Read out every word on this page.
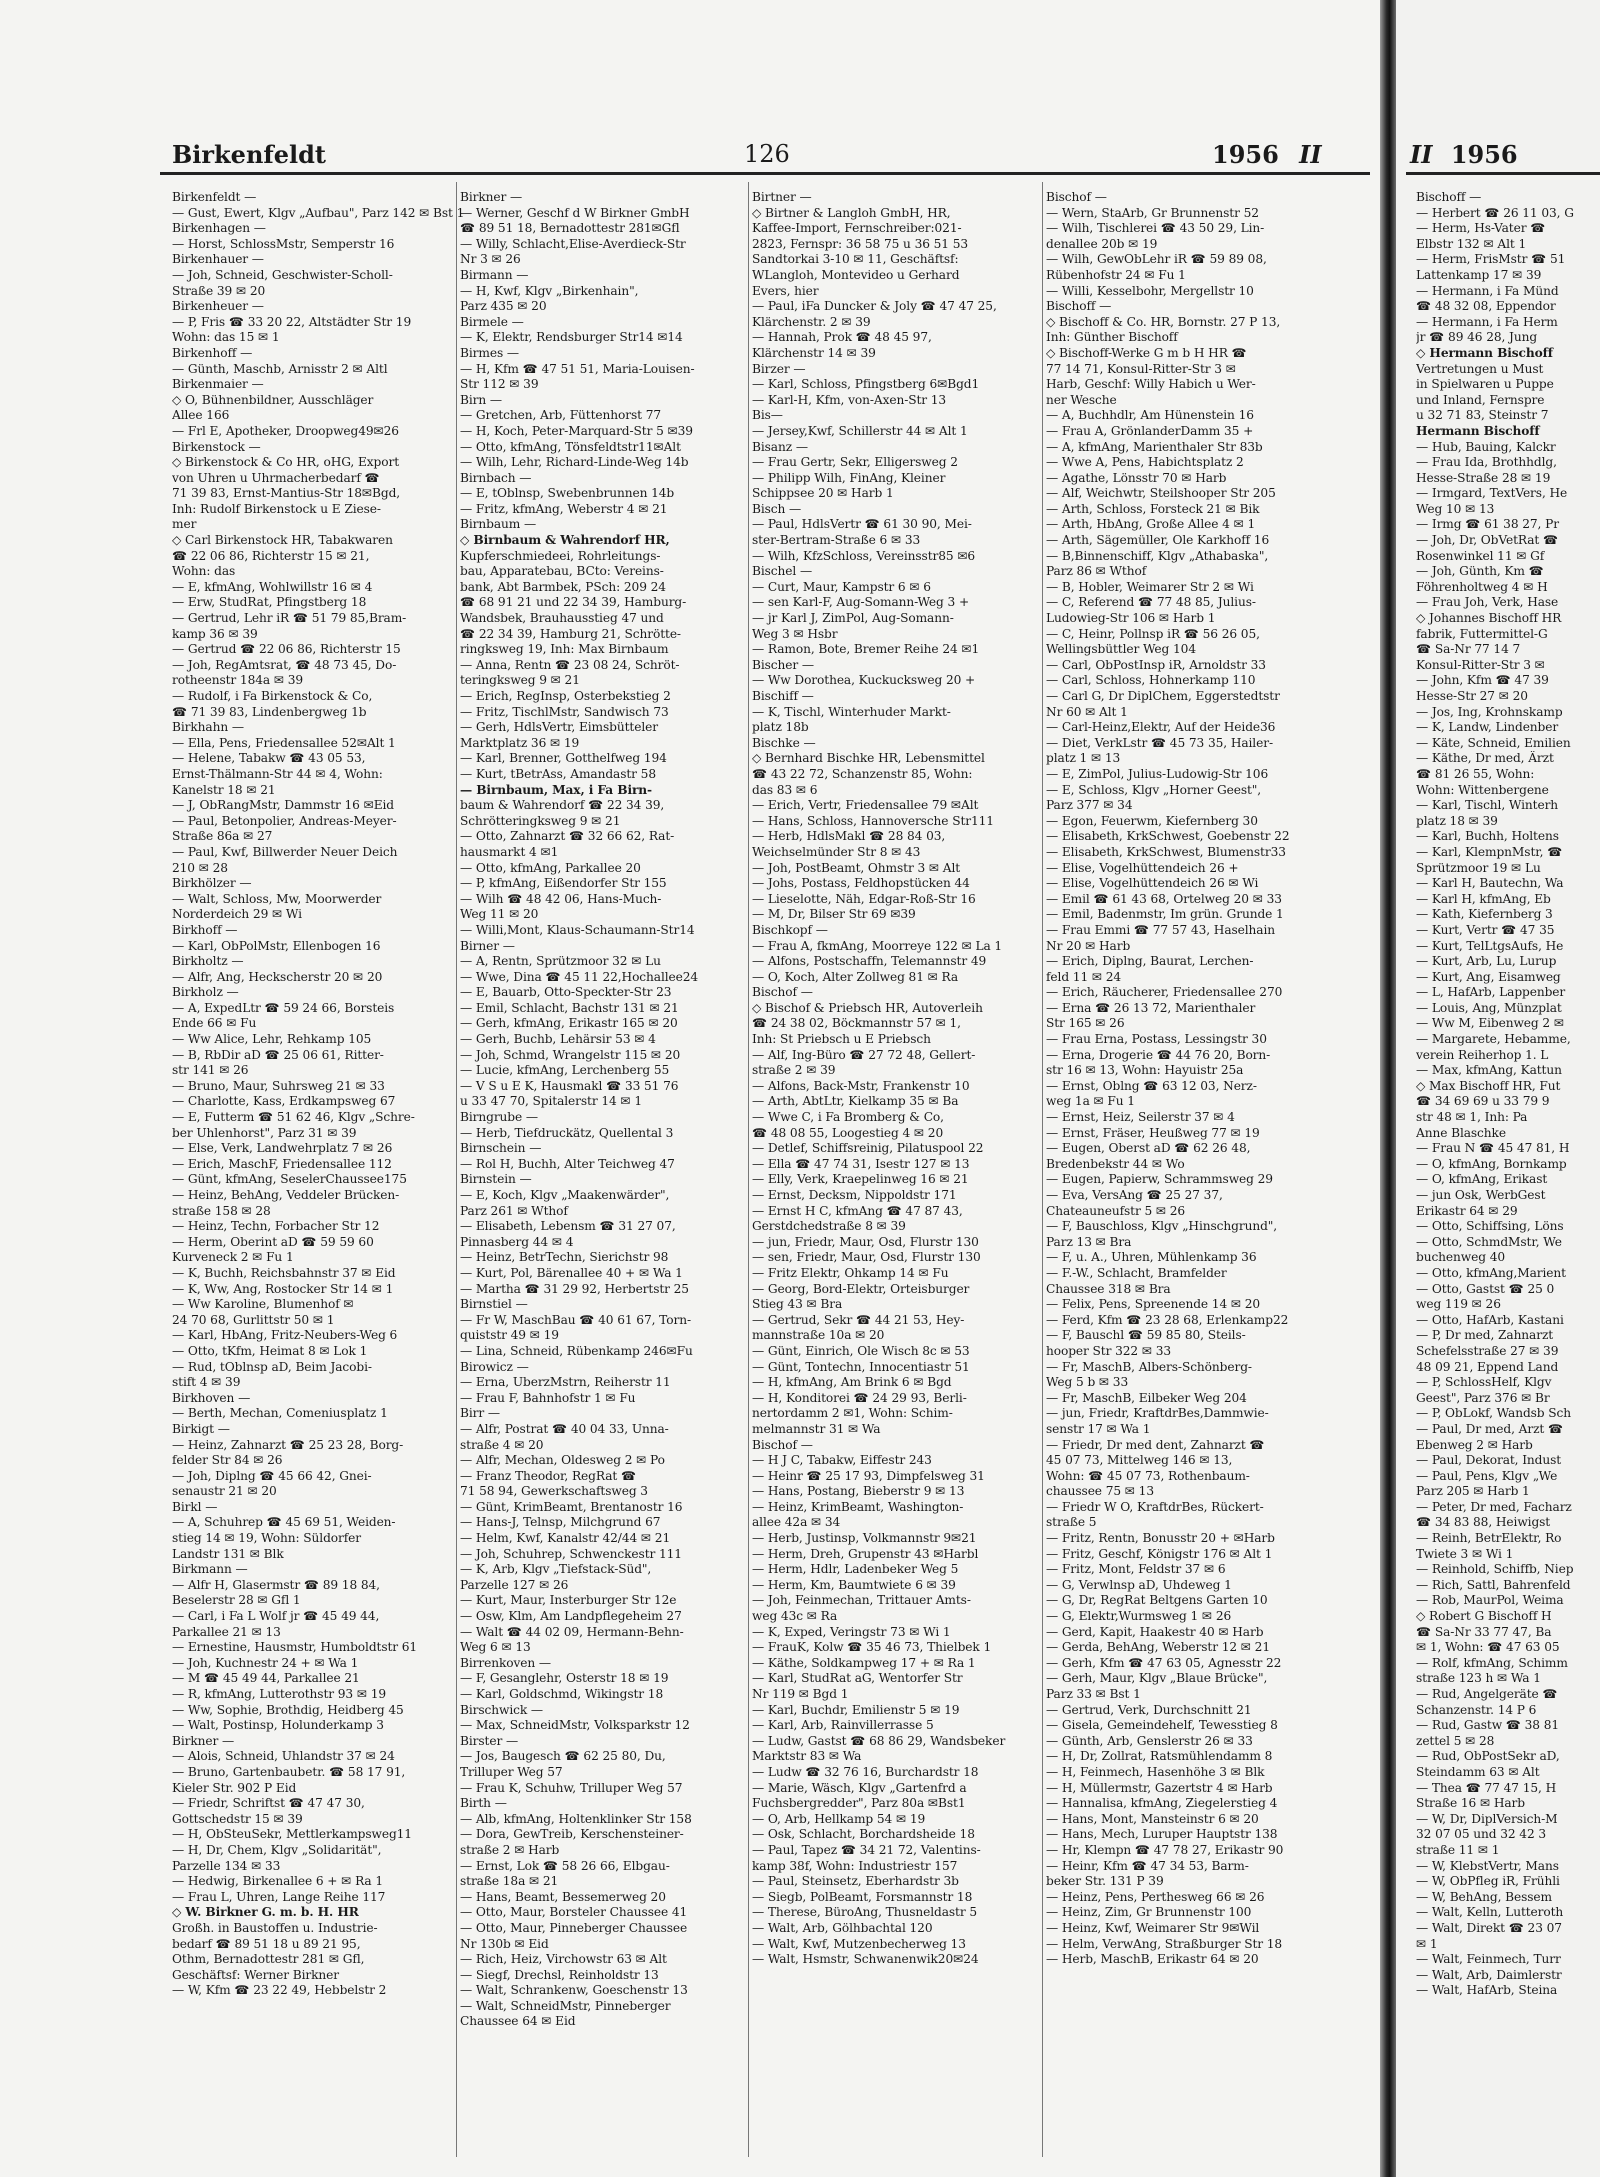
Birkenfeldt	126	1956 II

Birkenfeldt —

— Gust, Ewert, Klgv „Aufbau", Parz 142 ✉ Bst 1

Birkenhagen —

— Horst, SchlossMstr, Semperstr 16

Birkenhauer —

— Joh, Schneid, Geschwister-Scholl-

Straße 39 ✉ 20

Birkenheuer —

— P, Fris ☎ 33 20 22, Altstädter Str 19

Wohn: das 15 ✉ 1

Birkenhoff —

— Günth, Maschb, Arnisstr 2 ✉ Altl

Birkenmaier —

◇ O, Bühnenbildner, Ausschläger

Allee 166

— Frl E, Apotheker, Droopweg49✉26

Birkenstock —

◇ Birkenstock & Co HR, oHG, Export

von Uhren u Uhrmacherbedarf ☎

71 39 83, Ernst-Mantius-Str 18✉Bgd,

Inh: Rudolf Birkenstock u E Ziese-

mer

◇ Carl Birkenstock HR, Tabakwaren

☎ 22 06 86, Richterstr 15 ✉ 21,

Wohn: das

— E, kfmAng, Wohlwillstr 16 ✉ 4

— Erw, StudRat, Pfingstberg 18

— Gertrud, Lehr iR ☎ 51 79 85,Bram-

kamp 36 ✉ 39

— Gertrud ☎ 22 06 86, Richterstr 15

— Joh, RegAmtsrat, ☎ 48 73 45, Do-

rotheenstr 184a ✉ 39

— Rudolf, i Fa Birkenstock & Co,

☎ 71 39 83, Lindenbergweg 1b

Birkhahn —

— Ella, Pens, Friedensallee 52✉Alt 1

— Helene, Tabakw ☎ 43 05 53,

Ernst-Thälmann-Str 44 ✉ 4, Wohn:

Kanelstr 18 ✉ 21

— J, ObRangMstr, Dammstr 16 ✉Eid

— Paul, Betonpolier, Andreas-Meyer-

Straße 86a ✉ 27

— Paul, Kwf, Billwerder Neuer Deich

210 ✉ 28

Birkhölzer —

— Walt, Schloss, Mw, Moorwerder

Norderdeich 29 ✉ Wi

Birkhoff —

— Karl, ObPolMstr, Ellenbogen 16

Birkholtz —

— Alfr, Ang, Heckscherstr 20 ✉ 20

Birkholz —

— A, ExpedLtr ☎ 59 24 66, Borsteis

Ende 66 ✉ Fu

— Ww Alice, Lehr, Rehkamp 105

— B, RbDir aD ☎ 25 06 61, Ritter-

str 141 ✉ 26

— Bruno, Maur, Suhrsweg 21 ✉ 33

— Charlotte, Kass, Erdkampsweg 67

— E, Futterm ☎ 51 62 46, Klgv „Schre-

ber Uhlenhorst", Parz 31 ✉ 39

— Else, Verk, Landwehrplatz 7 ✉ 26

— Erich, MaschF, Friedensallee 112

— Günt, kfmAng, SeselerChaussee175

— Heinz, BehAng, Veddeler Brücken-

straße 158 ✉ 28

— Heinz, Techn, Forbacher Str 12

— Herm, Oberint aD ☎ 59 59 60

Kurveneck 2 ✉ Fu 1

— K, Buchh, Reichsbahnstr 37 ✉ Eid

— K, Ww, Ang, Rostocker Str 14 ✉ 1

— Ww Karoline, Blumenhof ✉

24 70 68, Gurlittstr 50 ✉ 1

— Karl, HbAng, Fritz-Neubers-Weg 6

— Otto, tKfm, Heimat 8 ✉ Lok 1

— Rud, tOblnsp aD, Beim Jacobi-

stift 4 ✉ 39

Birkhoven —

— Berth, Mechan, Comeniusplatz 1

Birkigt —

— Heinz, Zahnarzt ☎ 25 23 28, Borg-

felder Str 84 ✉ 26

— Joh, Diplng ☎ 45 66 42, Gnei-

senaustr 21 ✉ 20

Birkl —

— A, Schuhrep ☎ 45 69 51, Weiden-

stieg 14 ✉ 19, Wohn: Süldorfer

Landstr 131 ✉ Blk

Birkmann —

— Alfr H, Glasermstr ☎ 89 18 84,

Beselerstr 28 ✉ Gfl 1

— Carl, i Fa L Wolf jr ☎ 45 49 44,

Parkallee 21 ✉ 13

— Ernestine, Hausmstr, Humboldtstr 61

— Joh, Kuchnestr 24 + ✉ Wa 1

— M ☎ 45 49 44, Parkallee 21

— R, kfmAng, Lutterothstr 93 ✉ 19

— Ww, Sophie, Brothdig, Heidberg 45

— Walt, Postinsp, Holunderkamp 3

Birkner —

— Alois, Schneid, Uhlandstr 37 ✉ 24

— Bruno, Gartenbaubetr. ☎ 58 17 91,

Kieler Str. 902 P Eid

— Friedr, Schriftst ☎ 47 47 30,

Gottschedstr 15 ✉ 39

— H, ObSteuSekr, Mettlerkampsweg11

— H, Dr, Chem, Klgv „Solidarität",

Parzelle 134 ✉ 33

— Hedwig, Birkenallee 6 + ✉ Ra 1

— Frau L, Uhren, Lange Reihe 117

◇ W. Birkner G. m. b. H. HR

Großh. in Baustoffen u. Industrie-

bedarf ☎ 89 51 18 u 89 21 95,

Othm, Bernadottestr 281 ✉ Gfl,

Geschäftsf: Werner Birkner

— W, Kfm ☎ 23 22 49, Hebbelstr 2

Birkner —

— Werner, Geschf d W Birkner GmbH

☎ 89 51 18, Bernadottestr 281✉Gfl

— Willy, Schlacht,Elise-Averdieck-Str

Nr 3 ✉ 26

Birmann —

— H, Kwf, Klgv „Birkenhain",

Parz 435 ✉ 20

Birmele —

— K, Elektr, Rendsburger Str14 ✉14

Birmes —

— H, Kfm ☎ 47 51 51, Maria-Louisen-

Str 112 ✉ 39

Birn —

— Gretchen, Arb, Füttenhorst 77

— H, Koch, Peter-Marquard-Str 5 ✉39

— Otto, kfmAng, Tönsfeldtstr11✉Alt

— Wilh, Lehr, Richard-Linde-Weg 14b

Birnbach —

— E, tOblnsp, Swebenbrunnen 14b

— Fritz, kfmAng, Weberstr 4 ✉ 21

Birnbaum —

◇ Birnbaum & Wahrendorf HR,

Kupferschmiedeei, Rohrleitungs-

bau, Apparatebau, BCto: Vereins-

bank, Abt Barmbek, PSch: 209 24

☎ 68 91 21 und 22 34 39, Hamburg-

Wandsbek, Brauhausstieg 47 und

☎ 22 34 39, Hamburg 21, Schrötte-

ringksweg 19, Inh: Max Birnbaum

— Anna, Rentn ☎ 23 08 24, Schröt-

teringksweg 9 ✉ 21

— Erich, RegInsp, Osterbekstieg 2

— Fritz, TischlMstr, Sandwisch 73

— Gerh, HdlsVertr, Eimsbütteler

Marktplatz 36 ✉ 19

— Karl, Brenner, Gotthelfweg 194

— Kurt, tBetrAss, Amandastr 58

— Birnbaum, Max, i Fa Birn-

baum & Wahrendorf ☎ 22 34 39,

Schrötteringksweg 9 ✉ 21

— Otto, Zahnarzt ☎ 32 66 62, Rat-

hausmarkt 4 ✉1

— Otto, kfmAng, Parkallee 20

— P, kfmAng, Eißendorfer Str 155

— Wilh ☎ 48 42 06, Hans-Much-

Weg 11 ✉ 20

— Willi,Mont, Klaus-Schaumann-Str14

Birner —

— A, Rentn, Sprützmoor 32 ✉ Lu

— Wwe, Dina ☎ 45 11 22,Hochallee24

— E, Bauarb, Otto-Speckter-Str 23

— Emil, Schlacht, Bachstr 131 ✉ 21

— Gerh, kfmAng, Erikastr 165 ✉ 20

— Gerh, Buchb, Lehärsir 53 ✉ 4

— Joh, Schmd, Wrangelstr 115 ✉ 20

— Lucie, kfmAng, Lerchenberg 55

— V S u E K, Hausmakl ☎ 33 51 76

u 33 47 70, Spitalerstr 14 ✉ 1

Birngrube —

— Herb, Tiefdruckätz, Quellental 3

Birnschein —

— Rol H, Buchh, Alter Teichweg 47

Birnstein —

— E, Koch, Klgv „Maakenwärder",

Parz 261 ✉ Wthof

— Elisabeth, Lebensm ☎ 31 27 07,

Pinnasberg 44 ✉ 4

— Heinz, BetrTechn, Sierichstr 98

— Kurt, Pol, Bärenallee 40 + ✉ Wa 1

— Martha ☎ 31 29 92, Herbertstr 25

Birnstiel —

— Fr W, MaschBau ☎ 40 61 67, Torn-

quiststr 49 ✉ 19

— Lina, Schneid, Rübenkamp 246✉Fu

Birowicz —

— Erna, UberzMstrn, Reiherstr 11

— Frau F, Bahnhofstr 1 ✉ Fu

Birr —

— Alfr, Postrat ☎ 40 04 33, Unna-

straße 4 ✉ 20

— Alfr, Mechan, Oldesweg 2 ✉ Po

— Franz Theodor, RegRat ☎

71 58 94, Gewerkschaftsweg 3

— Günt, KrimBeamt, Brentanostr 16

— Hans-J, Telnsp, Milchgrund 67

— Helm, Kwf, Kanalstr 42/44 ✉ 21

— Joh, Schuhrep, Schwenckestr 111

— K, Arb, Klgv „Tiefstack-Süd",

Parzelle 127 ✉ 26

— Kurt, Maur, Insterburger Str 12e

— Osw, Klm, Am Landpflegeheim 27

— Walt ☎ 44 02 09, Hermann-Behn-

Weg 6 ✉ 13

Birrenkoven —

— F, Gesanglehr, Osterstr 18 ✉ 19

— Karl, Goldschmd, Wikingstr 18

Birschwick —

— Max, SchneidMstr, Volksparkstr 12

Birster —

— Jos, Baugesch ☎ 62 25 80, Du,

Trilluper Weg 57

— Frau K, Schuhw, Trilluper Weg 57

Birth —

— Alb, kfmAng, Holtenklinker Str 158

— Dora, GewTreib, Kerschensteiner-

straße 2 ✉ Harb

— Ernst, Lok ☎ 58 26 66, Elbgau-

straße 18a ✉ 21

— Hans, Beamt, Bessemerweg 20

— Otto, Maur, Borsteler Chaussee 41

— Otto, Maur, Pinneberger Chaussee

Nr 130b ✉ Eid

— Rich, Heiz, Virchowstr 63 ✉ Alt

— Siegf, Drechsl, Reinholdstr 13

— Walt, Schrankenw, Goeschenstr 13

— Walt, SchneidMstr, Pinneberger

Chaussee 64 ✉ Eid

Birtner —

◇ Birtner & Langloh GmbH, HR,

Kaffee-Import, Fernschreiber:021-

2823, Fernspr: 36 58 75 u 36 51 53

Sandtorkai 3-10 ✉ 11, Geschäftsf:

WLangloh, Montevideo u Gerhard

Evers, hier

— Paul, iFa Duncker & Joly ☎ 47 47 25,

Klärchenstr. 2 ✉ 39

— Hannah, Prok ☎ 48 45 97,

Klärchenstr 14 ✉ 39

Birzer —

— Karl, Schloss, Pfingstberg 6✉Bgd1

— Karl-H, Kfm, von-Axen-Str 13

Bis—

— Jersey,Kwf, Schillerstr 44 ✉ Alt 1

Bisanz —

— Frau Gertr, Sekr, Elligersweg 2

— Philipp Wilh, FinAng, Kleiner

Schippsee 20 ✉ Harb 1

Bisch —

— Paul, HdlsVertr ☎ 61 30 90, Mei-

ster-Bertram-Straße 6 ✉ 33

— Wilh, KfzSchloss, Vereinsstr85 ✉6

Bischel —

— Curt, Maur, Kampstr 6 ✉ 6

— sen Karl-F, Aug-Somann-Weg 3 +

— jr Karl J, ZimPol, Aug-Somann-

Weg 3 ✉ Hsbr

— Ramon, Bote, Bremer Reihe 24 ✉1

Bischer —

— Ww Dorothea, Kuckucksweg 20 +

Bischiff —

— K, Tischl, Winterhuder Markt-

platz 18b

Bischke —

◇ Bernhard Bischke HR, Lebensmittel

☎ 43 22 72, Schanzenstr 85, Wohn:

das 83 ✉ 6

— Erich, Vertr, Friedensallee 79 ✉Alt

— Hans, Schloss, Hannoversche Str111

— Herb, HdlsMakl ☎ 28 84 03,

Weichselmünder Str 8 ✉ 43

— Joh, PostBeamt, Ohmstr 3 ✉ Alt

— Johs, Postass, Feldhopstücken 44

— Lieselotte, Näh, Edgar-Roß-Str 16

— M, Dr, Bilser Str 69 ✉39

Bischkopf —

— Frau A, fkmAng, Moorreye 122 ✉ La 1

— Alfons, Postschaffn, Telemannstr 49

— O, Koch, Alter Zollweg 81 ✉ Ra

Bischof —

◇ Bischof & Priebsch HR, Autoverleih

☎ 24 38 02, Böckmannstr 57 ✉ 1,

Inh: St Priebsch u E Priebsch

— Alf, Ing-Büro ☎ 27 72 48, Gellert-

straße 2 ✉ 39

— Alfons, Back-Mstr, Frankenstr 10

— Arth, AbtLtr, Kielkamp 35 ✉ Ba

— Wwe C, i Fa Bromberg & Co,

☎ 48 08 55, Loogestieg 4 ✉ 20

— Detlef, Schiffsreinig, Pilatuspool 22

— Ella ☎ 47 74 31, Isestr 127 ✉ 13

— Elly, Verk, Kraepelinweg 16 ✉ 21

— Ernst, Decksm, Nippoldstr 171

— Ernst H C, kfmAng ☎ 47 87 43,

Gerstdchedstraße 8 ✉ 39

— jun, Friedr, Maur, Osd, Flurstr 130

— sen, Friedr, Maur, Osd, Flurstr 130

— Fritz Elektr, Ohkamp 14 ✉ Fu

— Georg, Bord-Elektr, Orteisburger

Stieg 43 ✉ Bra

— Gertrud, Sekr ☎ 44 21 53, Hey-

mannstraße 10a ✉ 20

— Günt, Einrich, Ole Wisch 8c ✉ 53

— Günt, Tontechn, Innocentiastr 51

— H, kfmAng, Am Brink 6 ✉ Bgd

— H, Konditorei ☎ 24 29 93, Berli-

nertordamm 2 ✉1, Wohn: Schim-

melmannstr 31 ✉ Wa

Bischof —

— H J C, Tabakw, Eiffestr 243

— Heinr ☎ 25 17 93, Dimpfelsweg 31

— Hans, Postang, Bieberstr 9 ✉ 13

— Heinz, KrimBeamt, Washington-

allee 42a ✉ 34

— Herb, Justinsp, Volkmannstr 9✉21

— Herm, Dreh, Grupenstr 43 ✉Harbl

— Herm, Hdlr, Ladenbeker Weg 5

— Herm, Km, Baumtwiete 6 ✉ 39

— Joh, Feinmechan, Trittauer Amts-

weg 43c ✉ Ra

— K, Exped, Veringstr 73 ✉ Wi 1

— FrauK, Kolw ☎ 35 46 73, Thielbek 1

— Käthe, Soldkampweg 17 + ✉ Ra 1

— Karl, StudRat aG, Wentorfer Str

Nr 119 ✉ Bgd 1

— Karl, Buchdr, Emilienstr 5 ✉ 19

— Karl, Arb, Rainvillerrasse 5

— Ludw, Gastst ☎ 68 86 29, Wandsbeker

Marktstr 83 ✉ Wa

— Ludw ☎ 32 76 16, Burchardstr 18

— Marie, Wäsch, Klgv „Gartenfrd a

Fuchsbergredder", Parz 80a ✉Bst1

— O, Arb, Hellkamp 54 ✉ 19

— Osk, Schlacht, Borchardsheide 18

— Paul, Tapez ☎ 34 21 72, Valentins-

kamp 38f, Wohn: Industriestr 157

— Paul, Steinsetz, Eberhardstr 3b

— Siegb, PolBeamt, Forsmannstr 18

— Therese, BüroAng, Thusneldastr 5

— Walt, Arb, Gölhbachtal 120

— Walt, Kwf, Mutzenbecherweg 13

— Walt, Hsmstr, Schwanenwik20✉24

Bischof —

— Wern, StaArb, Gr Brunnenstr 52

— Wilh, Tischlerei ☎ 43 50 29, Lin-

denallee 20b ✉ 19

— Wilh, GewObLehr iR ☎ 59 89 08,

Rübenhofstr 24 ✉ Fu 1

— Willi, Kesselbohr, Mergellstr 10

Bischoff —

◇ Bischoff & Co. HR, Bornstr. 27 P 13,

Inh: Günther Bischoff

◇ Bischoff-Werke G m b H HR ☎

77 14 71, Konsul-Ritter-Str 3 ✉

Harb, Geschf: Willy Habich u Wer-

ner Wesche

— A, Buchhdlr, Am Hünenstein 16

— Frau A, GrönlanderDamm 35 +

— A, kfmAng, Marienthaler Str 83b

— Wwe A, Pens, Habichtsplatz 2

— Agathe, Lönsstr 70 ✉ Harb

— Alf, Weichwtr, Steilshooper Str 205

— Arth, Schloss, Forsteck 21 ✉ Bik

— Arth, HbAng, Große Allee 4 ✉ 1

— Arth, Sägemüller, Ole Karkhoff 16

— B,Binnenschiff, Klgv „Athabaska",

Parz 86 ✉ Wthof

— B, Hobler, Weimarer Str 2 ✉ Wi

— C, Referend ☎ 77 48 85, Julius-

Ludowieg-Str 106 ✉ Harb 1

— C, Heinr, Pollnsp iR ☎ 56 26 05,

Wellingsbüttler Weg 104

— Carl, ObPostInsp iR, Arnoldstr 33

— Carl, Schloss, Hohnerkamp 110

— Carl G, Dr DiplChem, Eggerstedtstr

Nr 60 ✉ Alt 1

— Carl-Heinz,Elektr, Auf der Heide36

— Diet, VerkLstr ☎ 45 73 35, Hailer-

platz 1 ✉ 13

— E, ZimPol, Julius-Ludowig-Str 106

— E, Schloss, Klgv „Horner Geest",

Parz 377 ✉ 34

— Egon, Feuerwm, Kiefernberg 30

— Elisabeth, KrkSchwest, Goebenstr 22

— Elisabeth, KrkSchwest, Blumenstr33

— Elise, Vogelhüttendeich 26 +

— Elise, Vogelhüttendeich 26 ✉ Wi

— Emil ☎ 61 43 68, Ortelweg 20 ✉ 33

— Emil, Badenmstr, Im grün. Grunde 1

— Frau Emmi ☎ 77 57 43, Haselhain

Nr 20 ✉ Harb

— Erich, Diplng, Baurat, Lerchen-

feld 11 ✉ 24

— Erich, Räucherer, Friedensallee 270

— Erna ☎ 26 13 72, Marienthaler

Str 165 ✉ 26

— Frau Erna, Postass, Lessingstr 30

— Erna, Drogerie ☎ 44 76 20, Born-

str 16 ✉ 13, Wohn: Hayuistr 25a

— Ernst, Oblng ☎ 63 12 03, Nerz-

weg 1a ✉ Fu 1

— Ernst, Heiz, Seilerstr 37 ✉ 4

— Ernst, Fräser, Heußweg 77 ✉ 19

— Eugen, Oberst aD ☎ 62 26 48,

Bredenbekstr 44 ✉ Wo

— Eugen, Papierw, Schrammsweg 29

— Eva, VersAng ☎ 25 27 37,

Chateauneufstr 5 ✉ 26

— F, Bauschloss, Klgv „Hinschgrund",

Parz 13 ✉ Bra

— F, u. A., Uhren, Mühlenkamp 36

— F.-W., Schlacht, Bramfelder

Chaussee 318 ✉ Bra

— Felix, Pens, Spreenende 14 ✉ 20

— Ferd, Kfm ☎ 23 28 68, Erlenkamp22

— F, Bauschl ☎ 59 85 80, Steils-

hooper Str 322 ✉ 33

— Fr, MaschB, Albers-Schönberg-

Weg 5 b ✉ 33

— Fr, MaschB, Eilbeker Weg 204

— jun, Friedr, KraftdrBes,Dammwie-

senstr 17 ✉ Wa 1

— Friedr, Dr med dent, Zahnarzt ☎

45 07 73, Mittelweg 146 ✉ 13,

Wohn: ☎ 45 07 73, Rothenbaum-

chaussee 75 ✉ 13

— Friedr W O, KraftdrBes, Rückert-

straße 5

— Fritz, Rentn, Bonusstr 20 + ✉Harb

— Fritz, Geschf, Königstr 176 ✉ Alt 1

— Fritz, Mont, Feldstr 37 ✉ 6

— G, Verwlnsp aD, Uhdeweg 1

— G, Dr, RegRat Beltgens Garten 10

— G, Elektr,Wurmsweg 1 ✉ 26

— Gerd, Kapit, Haakestr 40 ✉ Harb

— Gerda, BehAng, Weberstr 12 ✉ 21

— Gerh, Kfm ☎ 47 63 05, Agnesstr 22

— Gerh, Maur, Klgv „Blaue Brücke",

Parz 33 ✉ Bst 1

— Gertrud, Verk, Durchschnitt 21

— Gisela, Gemeindehelf, Tewesstieg 8

— Günth, Arb, Genslerstr 26 ✉ 33

— H, Dr, Zollrat, Ratsmühlendamm 8

— H, Feinmech, Hasenhöhe 3 ✉ Blk

— H, Müllermstr, Gazertstr 4 ✉ Harb

— Hannalisa, kfmAng, Ziegelerstieg 4

— Hans, Mont, Mansteinstr 6 ✉ 20

— Hans, Mech, Luruper Hauptstr 138

— Hr, Klempn ☎ 47 78 27, Erikastr 90

— Heinr, Kfm ☎ 47 34 53, Barm-

beker Str. 131 P 39

— Heinz, Pens, Perthesweg 66 ✉ 26

— Heinz, Zim, Gr Brunnenstr 100

— Heinz, Kwf, Weimarer Str 9✉Wil

— Helm, VerwAng, Straßburger Str 18

— Herb, MaschB, Erikastr 64 ✉ 20

II 1956

Bischoff —

— Herbert ☎ 26 11 03, G

— Herm, Hs-Vater ☎

Elbstr 132 ✉ Alt 1

— Herm, FrisMstr ☎ 51

Lattenkamp 17 ✉ 39

— Hermann, i Fa Münd

☎ 48 32 08, Eppendor

— Hermann, i Fa Herm

jr ☎ 89 46 28, Jung

◇ Hermann Bischoff

Vertretungen u Must

in Spielwaren u Puppe

und Inland, Fernspre

u 32 71 83, Steinstr 7

Hermann Bischoff

— Hub, Bauing, Kalckr

— Frau Ida, Brothhdlg,

Hesse-Straße 28 ✉ 19

— Irmgard, TextVers, He

Weg 10 ✉ 13

— Irmg ☎ 61 38 27, Pr

— Joh, Dr, ObVetRat ☎

Rosenwinkel 11 ✉ Gf

— Joh, Günth, Km ☎

Föhrenholtweg 4 ✉ H

— Frau Joh, Verk, Hase

◇ Johannes Bischoff HR

fabrik, Futtermittel-G

☎ Sa-Nr 77 14 7

Konsul-Ritter-Str 3 ✉

— John, Kfm ☎ 47 39

Hesse-Str 27 ✉ 20

— Jos, Ing, Krohnskamp

— K, Landw, Lindenber

— Käte, Schneid, Emilien

— Käthe, Dr med, Ärzt

☎ 81 26 55, Wohn:

Wohn: Wittenbergene

— Karl, Tischl, Winterh

platz 18 ✉ 39

— Karl, Buchh, Holtens

— Karl, KlempnMstr, ☎

Sprützmoor 19 ✉ Lu

— Karl H, Bautechn, Wa

— Karl H, kfmAng, Eb

— Kath, Kiefernberg 3

— Kurt, Vertr ☎ 47 35

— Kurt, TelLtgsAufs, He

— Kurt, Arb, Lu, Lurup

— Kurt, Ang, Eisamweg

— L, HafArb, Lappenber

— Louis, Ang, Münzplat

— Ww M, Eibenweg 2 ✉

— Margarete, Hebamme,

verein Reiherhop 1. L

— Max, kfmAng, Kattun

◇ Max Bischoff HR, Fut

☎ 34 69 69 u 33 79 9

str 48 ✉ 1, Inh: Pa

Anne Blaschke

— Frau N ☎ 45 47 81, H

— O, kfmAng, Bornkamp

— O, kfmAng, Erikast

— jun Osk, WerbGest

Erikastr 64 ✉ 29

— Otto, Schiffsing, Löns

— Otto, SchmdMstr, We

buchenweg 40

— Otto, kfmAng,Marient

— Otto, Gastst ☎ 25 0

weg 119 ✉ 26

— Otto, HafArb, Kastani

— P, Dr med, Zahnarzt

Schefelsstraße 27 ✉ 39

48 09 21, Eppend Land

— P, SchlossHelf, Klgv

Geest", Parz 376 ✉ Br

— P, ObLokf, Wandsb Sch

— Paul, Dr med, Arzt ☎

Ebenweg 2 ✉ Harb

— Paul, Dekorat, Indust

— Paul, Pens, Klgv „We

Parz 205 ✉ Harb 1

— Peter, Dr med, Facharz

☎ 34 83 88, Heiwigst

— Reinh, BetrElektr, Ro

Twiete 3 ✉ Wi 1

— Reinhold, Schiffb, Niep

— Rich, Sattl, Bahrenfeld

— Rob, MaurPol, Weima

◇ Robert G Bischoff H

☎ Sa-Nr 33 77 47, Ba

✉ 1, Wohn: ☎ 47 63 05

— Rolf, kfmAng, Schimm

straße 123 h ✉ Wa 1

— Rud, Angelgeräte ☎

Schanzenstr. 14 P 6

— Rud, Gastw ☎ 38 81

zettel 5 ✉ 28

— Rud, ObPostSekr aD,

Steindamm 63 ✉ Alt

— Thea ☎ 77 47 15, H

Straße 16 ✉ Harb

— W, Dr, DiplVersich-M

32 07 05 und 32 42 3

straße 11 ✉ 1

— W, KlebstVertr, Mans

— W, ObPfleg iR, Frühli

— W, BehAng, Bessem

— Walt, Kelln, Lutteroth

— Walt, Direkt ☎ 23 07

✉ 1

— Walt, Feinmech, Turr

— Walt, Arb, Daimlerstr

— Walt, HafArb, Steina
